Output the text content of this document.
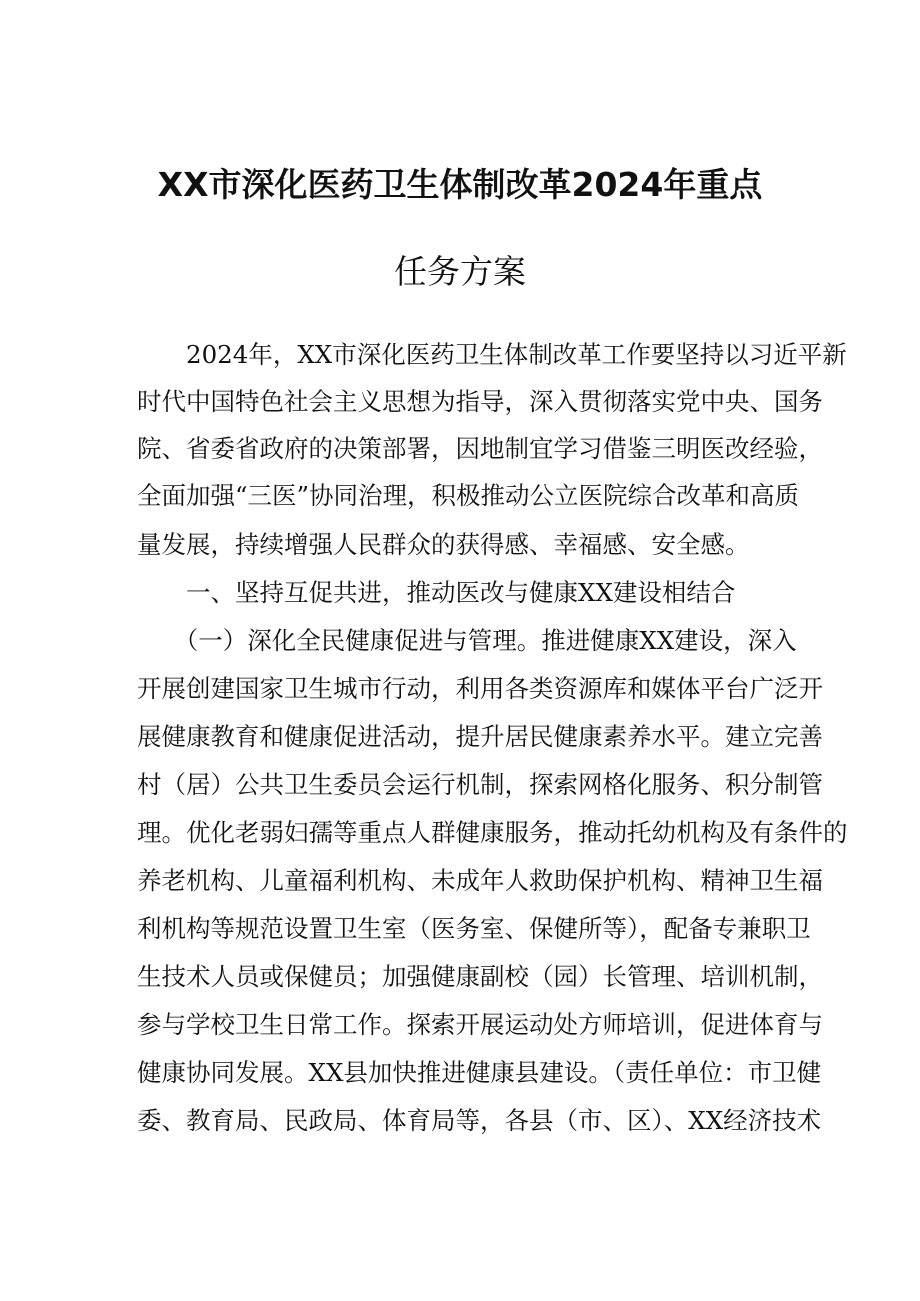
XX市深化医药卫生体制改革2024年重点
任务方案
　　2024年，XX市深化医药卫生体制改革工作要坚持以习近平新
时代中国特色社会主义思想为指导，深入贯彻落实党中央、国务
院、省委省政府的决策部署，因地制宜学习借鉴三明医改经验，
全面加强“三医”协同治理，积极推动公立医院综合改革和高质
量发展，持续增强人民群众的获得感、幸福感、安全感。
　　一、坚持互促共进，推动医改与健康XX建设相结合
　　（一）深化全民健康促进与管理。推进健康XX建设，深入
开展创建国家卫生城市行动，利用各类资源库和媒体平台广泛开
展健康教育和健康促进活动，提升居民健康素养水平。建立完善
村（居）公共卫生委员会运行机制，探索网格化服务、积分制管
理。优化老弱妇孺等重点人群健康服务，推动托幼机构及有条件的
养老机构、儿童福利机构、未成年人救助保护机构、精神卫生福
利机构等规范设置卫生室（医务室、保健所等），配备专兼职卫
生技术人员或保健员；加强健康副校（园）长管理、培训机制，
参与学校卫生日常工作。探索开展运动处方师培训，促进体育与
健康协同发展。XX县加快推进健康县建设。（责任单位：市卫健
委、教育局、民政局、体育局等，各县（市、区）、XX经济技术
